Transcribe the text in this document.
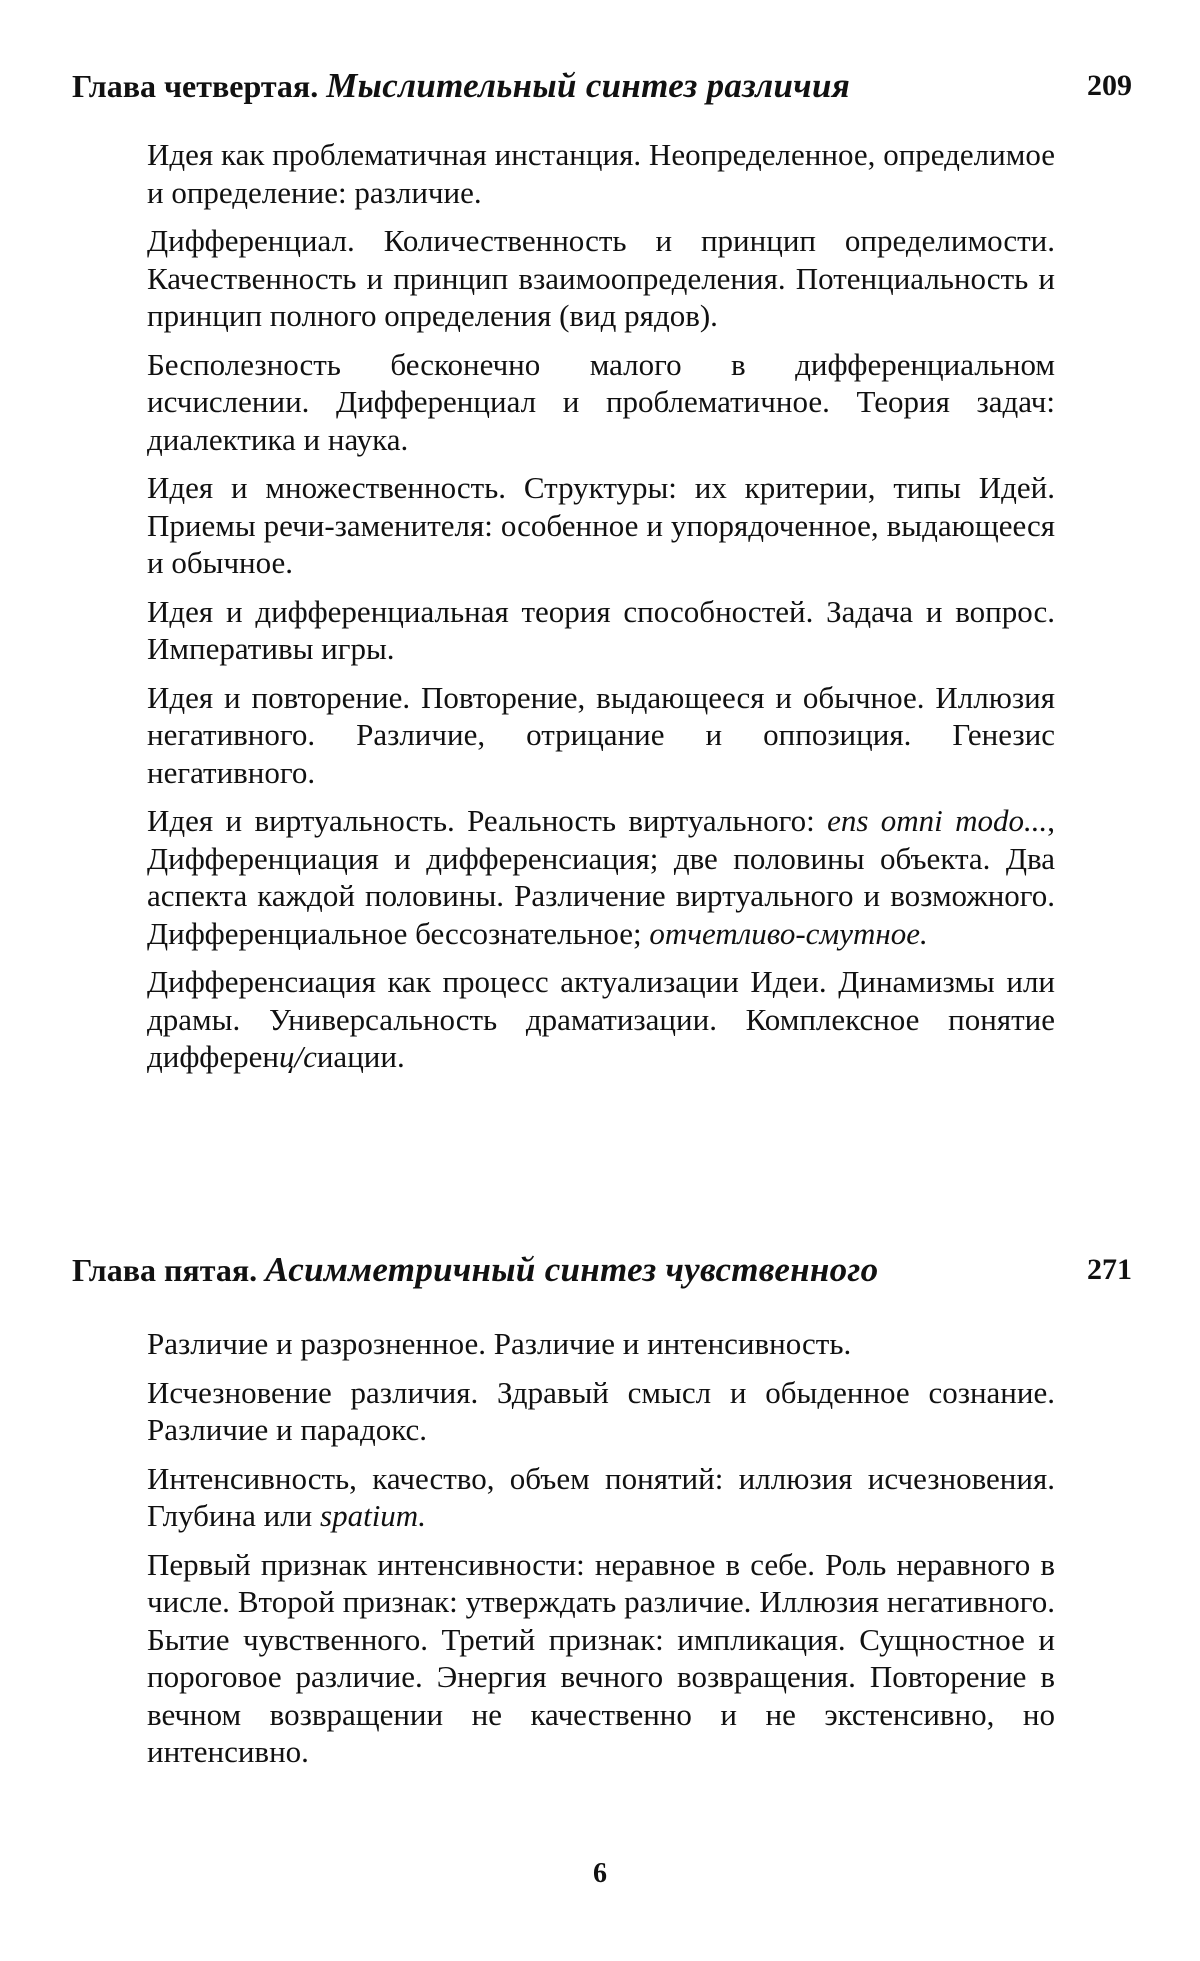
Глава четвертая. Мыслительный синтез различия	209

Идея как проблематичная инстанция. Неопределенное, определимое и определение: различие.

Дифференциал. Количественность и принцип определимости. Качественность и принцип взаимоопределения. Потенциальность и принцип полного определения (вид рядов).

Бесполезность бесконечно малого в дифференциальном исчислении. Дифференциал и проблематичное. Теория задач: диалектика и наука.

Идея и множественность. Структуры: их критерии, типы Идей. Приемы речи-заменителя: особенное и упорядоченное, выдающееся и обычное.

Идея и дифференциальная теория способностей. Задача и вопрос. Императивы игры.

Идея и повторение. Повторение, выдающееся и обычное. Иллюзия негативного. Различие, отрицание и оппозиция. Генезис негативного.

Идея и виртуальность. Реальность виртуального: ens omni modo..., Дифференциация и дифференсиация; две половины объекта. Два аспекта каждой половины. Различение виртуального и возможного. Дифференциальное бессознательное; отчетливо-смутное.

Дифференсиация как процесс актуализации Идеи. Динамизмы или драмы. Универсальность драматизации. Комплексное понятие дифференц/сиации.

Глава пятая. Асимметричный синтез чувственного	271

Различие и разрозненное. Различие и интенсивность.

Исчезновение различия. Здравый смысл и обыденное сознание. Различие и парадокс.

Интенсивность, качество, объем понятий: иллюзия исчезновения. Глубина или spatium.

Первый признак интенсивности: неравное в себе. Роль неравного в числе. Второй признак: утверждать различие. Иллюзия негативного. Бытие чувственного. Третий признак: импликация. Сущностное и пороговое различие. Энергия вечного возвращения. Повторение в вечном возвращении не качественно и не экстенсивно, но интенсивно.

6
